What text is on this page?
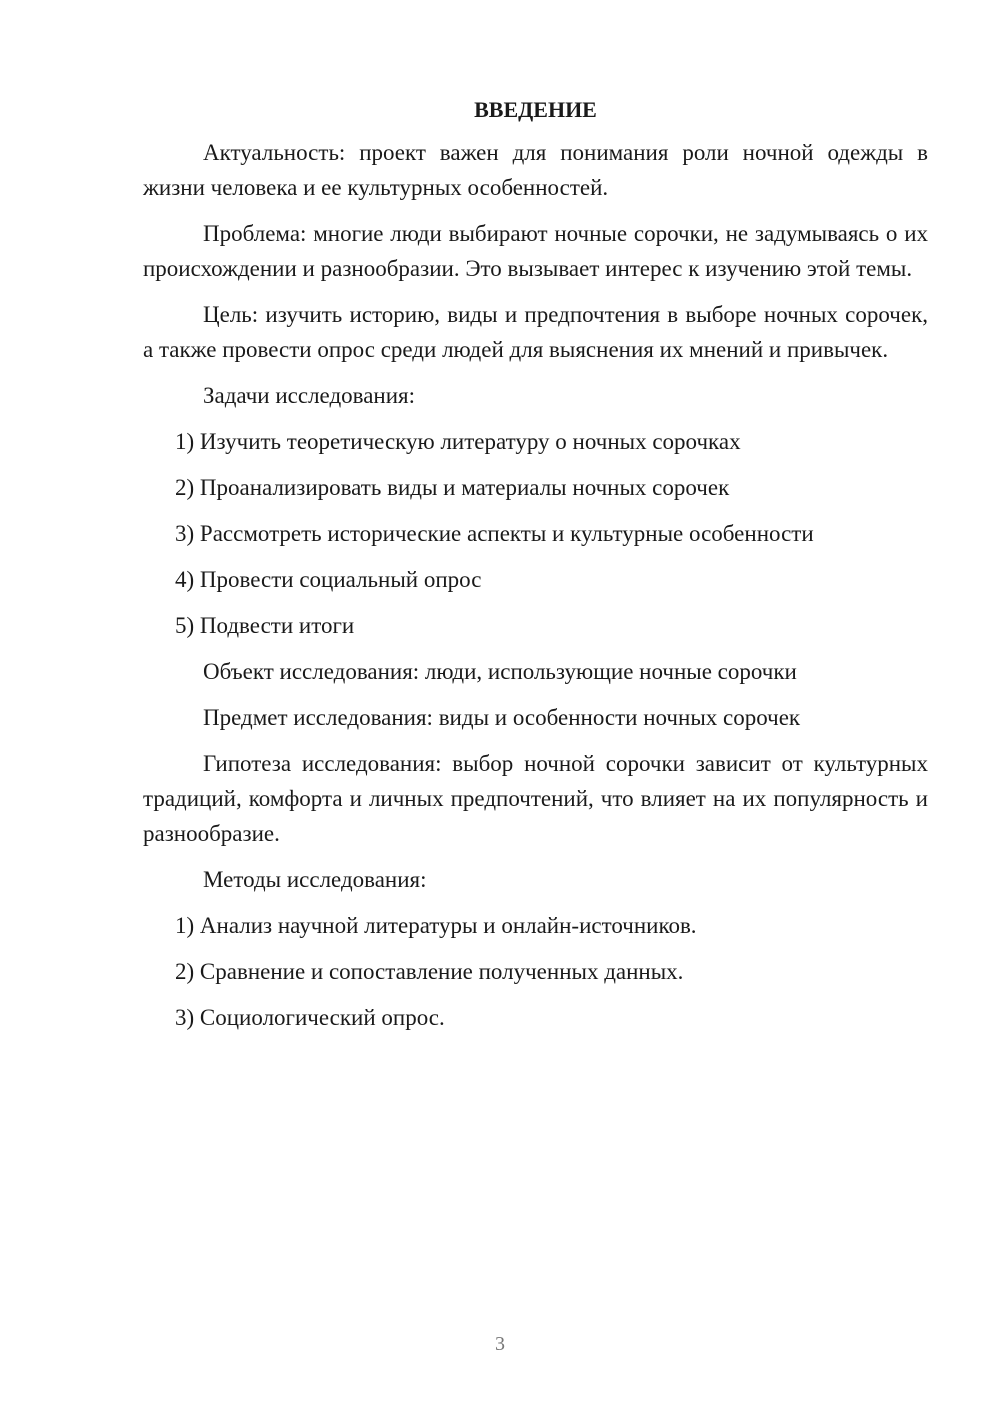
ВВЕДЕНИЕ

Актуальность: проект важен для понимания роли ночной одежды в жизни человека и ее культурных особенностей.

Проблема: многие люди выбирают ночные сорочки, не задумываясь о их происхождении и разнообразии. Это вызывает интерес к изучению этой темы.

Цель: изучить историю, виды и предпочтения в выборе ночных сорочек, а также провести опрос среди людей для выяснения их мнений и привычек.

Задачи исследования:
1) Изучить теоретическую литературу о ночных сорочках
2) Проанализировать виды и материалы ночных сорочек
3) Рассмотреть исторические аспекты и культурные особенности
4) Провести социальный опрос
5) Подвести итоги
Объект исследования: люди, использующие ночные сорочки
Предмет исследования: виды и особенности ночных сорочек

Гипотеза исследования: выбор ночной сорочки зависит от культурных традиций, комфорта и личных предпочтений, что влияет на их популярность и разнообразие.

Методы исследования:
1) Анализ научной литературы и онлайн-источников.
2) Сравнение и сопоставление полученных данных.
3) Социологический опрос.
3
